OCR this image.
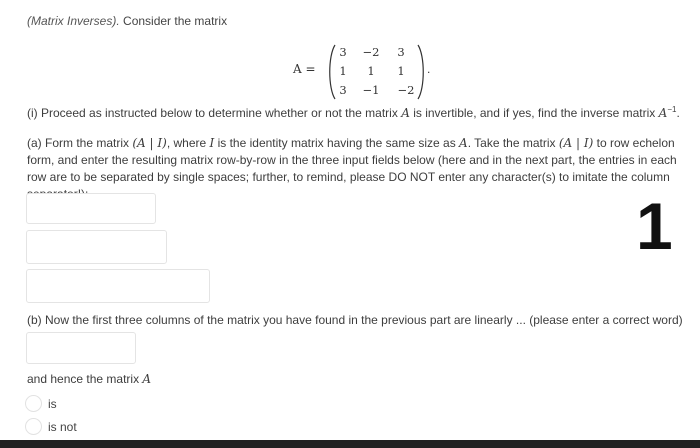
(Matrix Inverses). Consider the matrix
A =
3	−2	3
1	1	1
3	−1	−2
.
(i) Proceed as instructed below to determine whether or not the matrix A is invertible, and if yes, find the inverse matrix $A^{-1}$.
(a) Form the matrix (A | I), where I is the identity matrix having the same size as A. Take the matrix (A | I) to row echelon form, and enter the resulting matrix row-by-row in the three input fields below (here and in the next part, the entries in each row are to be separated by single spaces; further, to remind, please DO NOT enter any character(s) to imitate the column
1
(b) Now the first three columns of the matrix you have found in the previous part are linearly ... (please enter a correct word)
and hence the matrix A
is
is not
